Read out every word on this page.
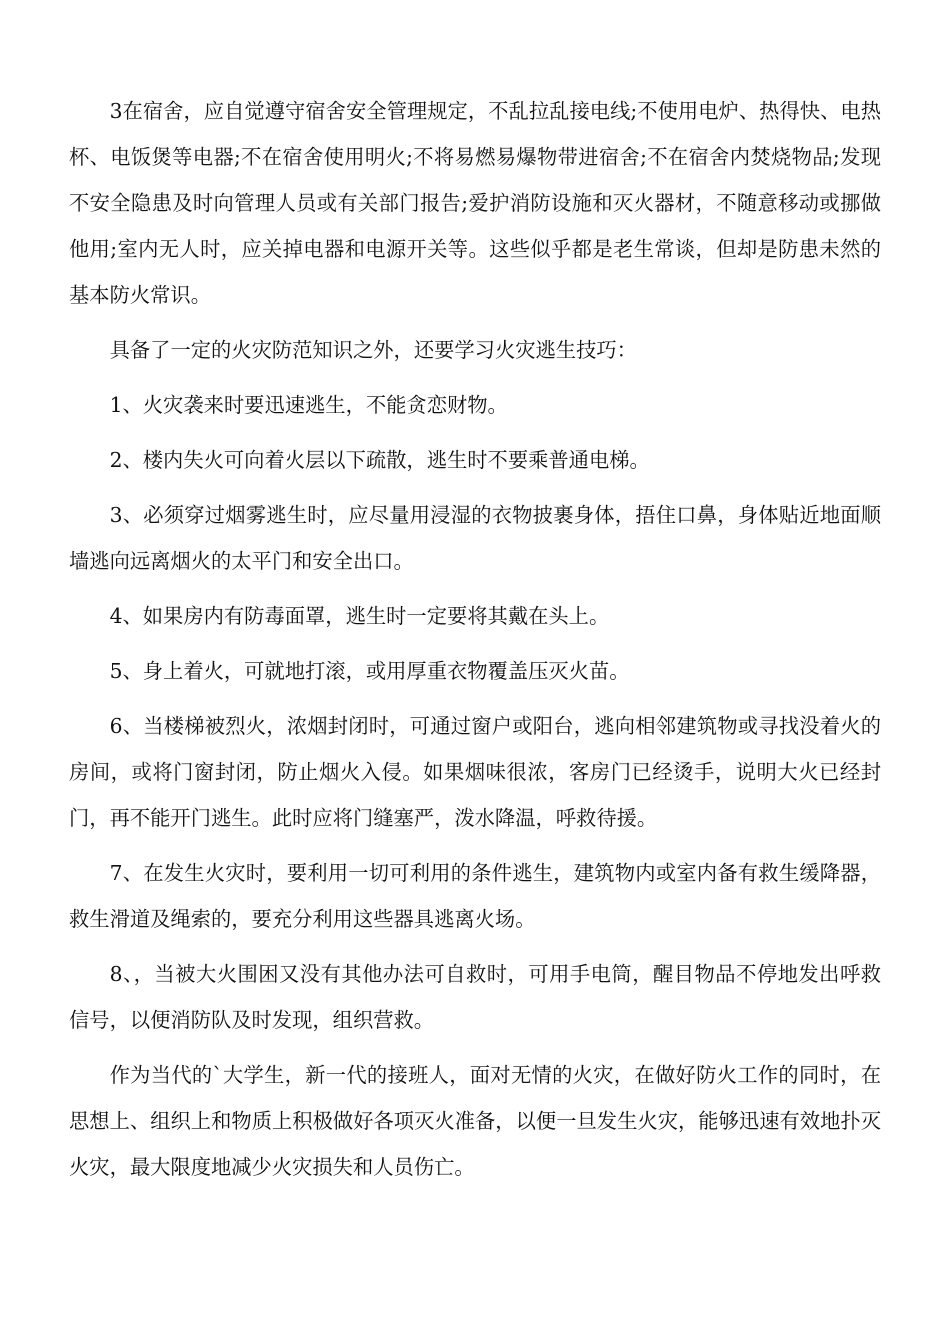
3在宿舍，应自觉遵守宿舍安全管理规定，不乱拉乱接电线;不使用电炉、热得快、电热杯、电饭煲等电器;不在宿舍使用明火;不将易燃易爆物带进宿舍;不在宿舍内焚烧物品;发现不安全隐患及时向管理人员或有关部门报告;爱护消防设施和灭火器材，不随意移动或挪做他用;室内无人时，应关掉电器和电源开关等。这些似乎都是老生常谈，但却是防患未然的基本防火常识。

具备了一定的火灾防范知识之外，还要学习火灾逃生技巧：

1、火灾袭来时要迅速逃生，不能贪恋财物。

2、楼内失火可向着火层以下疏散，逃生时不要乘普通电梯。

3、必须穿过烟雾逃生时，应尽量用浸湿的衣物披裹身体，捂住口鼻，身体贴近地面顺墙逃向远离烟火的太平门和安全出口。

4、如果房内有防毒面罩，逃生时一定要将其戴在头上。

5、身上着火，可就地打滚，或用厚重衣物覆盖压灭火苗。

6、当楼梯被烈火，浓烟封闭时，可通过窗户或阳台，逃向相邻建筑物或寻找没着火的房间，或将门窗封闭，防止烟火入侵。如果烟味很浓，客房门已经烫手，说明大火已经封门，再不能开门逃生。此时应将门缝塞严，泼水降温，呼救待援。

7、在发生火灾时，要利用一切可利用的条件逃生，建筑物内或室内备有救生缓降器，救生滑道及绳索的，要充分利用这些器具逃离火场。

8、，当被大火围困又没有其他办法可自救时，可用手电筒，醒目物品不停地发出呼救信号，以便消防队及时发现，组织营救。

作为当代的`大学生，新一代的接班人，面对无情的火灾，在做好防火工作的同时，在思想上、组织上和物质上积极做好各项灭火准备，以便一旦发生火灾，能够迅速有效地扑灭火灾，最大限度地减少火灾损失和人员伤亡。
